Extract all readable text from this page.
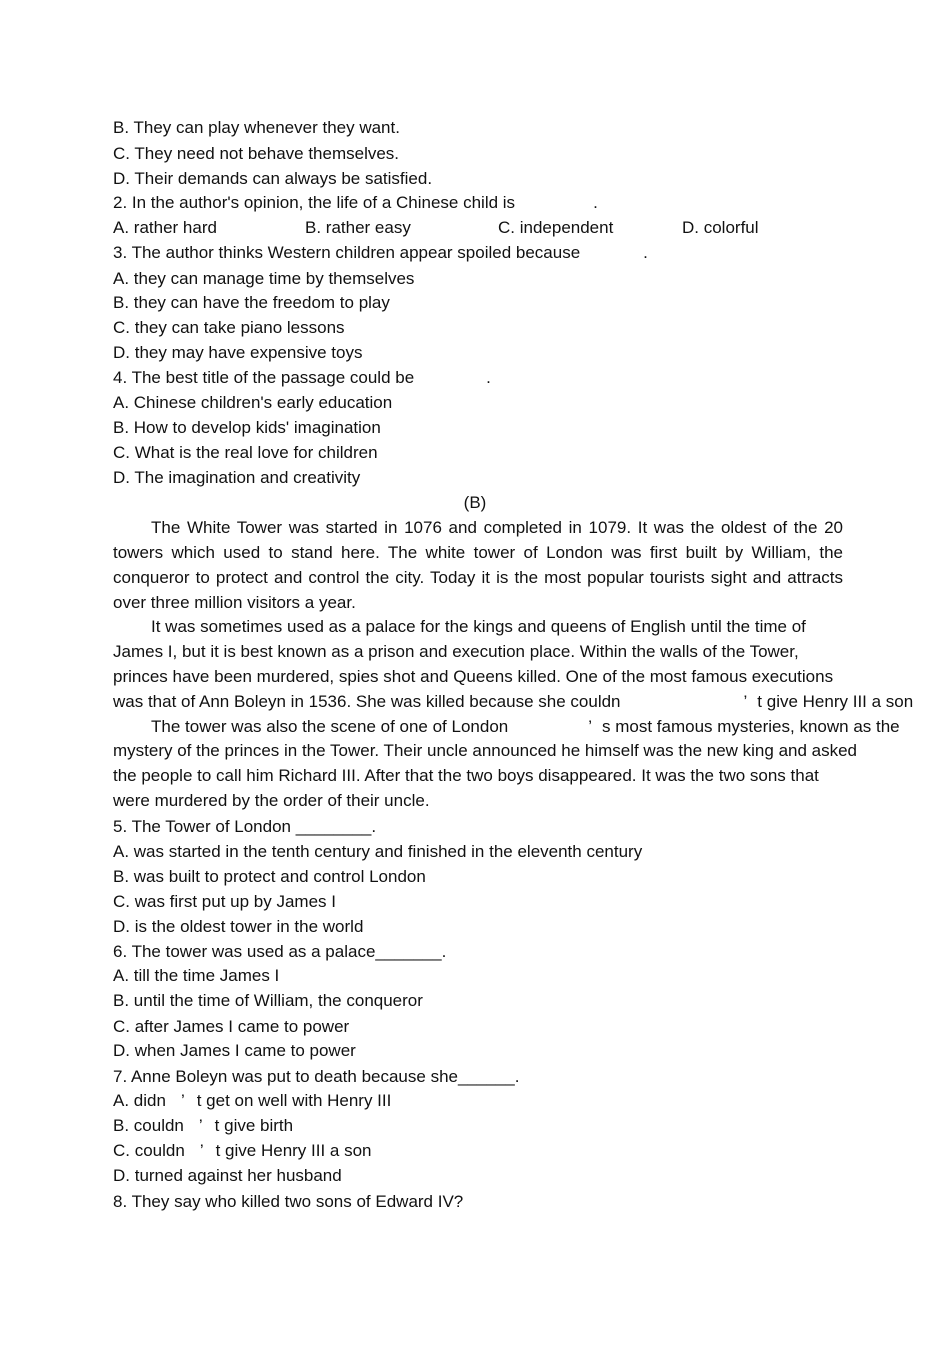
B. They can play whenever they want.
C. They need not behave themselves.
D. Their demands can always be satisfied.
2. In the author's opinion, the life of a Chinese child is	.
A. rather hard	B. rather easy	C. independent	D. colorful
3. The author thinks Western children appear spoiled because	.
A. they can manage time by themselves
B. they can have the freedom to play
C. they can take piano lessons
D. they may have expensive toys
4. The best title of the passage could be	.
A. Chinese children's early education
B. How to develop kids' imagination
C. What is the real love for children
D. The imagination and creativity
(B)
The White Tower was started in 1076 and completed in 1079. It was the oldest of the 20 towers which used to stand here. The white tower of London was first built by William, the conqueror to protect and control the city. Today it is the most popular tourists sight and attracts over three million visitors a year.
It was sometimes used as a palace for the kings and queens of English until the time of
James I, but it is best known as a prison and execution place. Within the walls of the Tower,
princes have been murdered, spies shot and Queens killed. One of the most famous executions
was that of Ann Boleyn in 1536. She was killed because she couldn	’ t give Henry III a son
The tower was also the scene of one of London	’ s most famous mysteries, known as the
mystery of the princes in the Tower. Their uncle announced he himself was the new king and asked the people to call him Richard III. After that the two boys disappeared. It was the two sons that were murdered by the order of their uncle.
5. The Tower of London ________.
A. was started in the tenth century and finished in the eleventh century
B. was built to protect and control London
C. was first put up by James I
D. is the oldest tower in the world
6. The tower was used as a palace_______.
A. till the time James I
B. until the time of William, the conqueror
C. after James I came to power
D. when James I came to power
7. Anne Boleyn was put to death because she______.
A. didn ’ t get on well with Henry III
B. couldn ’ t give birth
C. couldn ’ t give Henry III a son
D. turned against her husband
8. They say who killed two sons of Edward IV?
